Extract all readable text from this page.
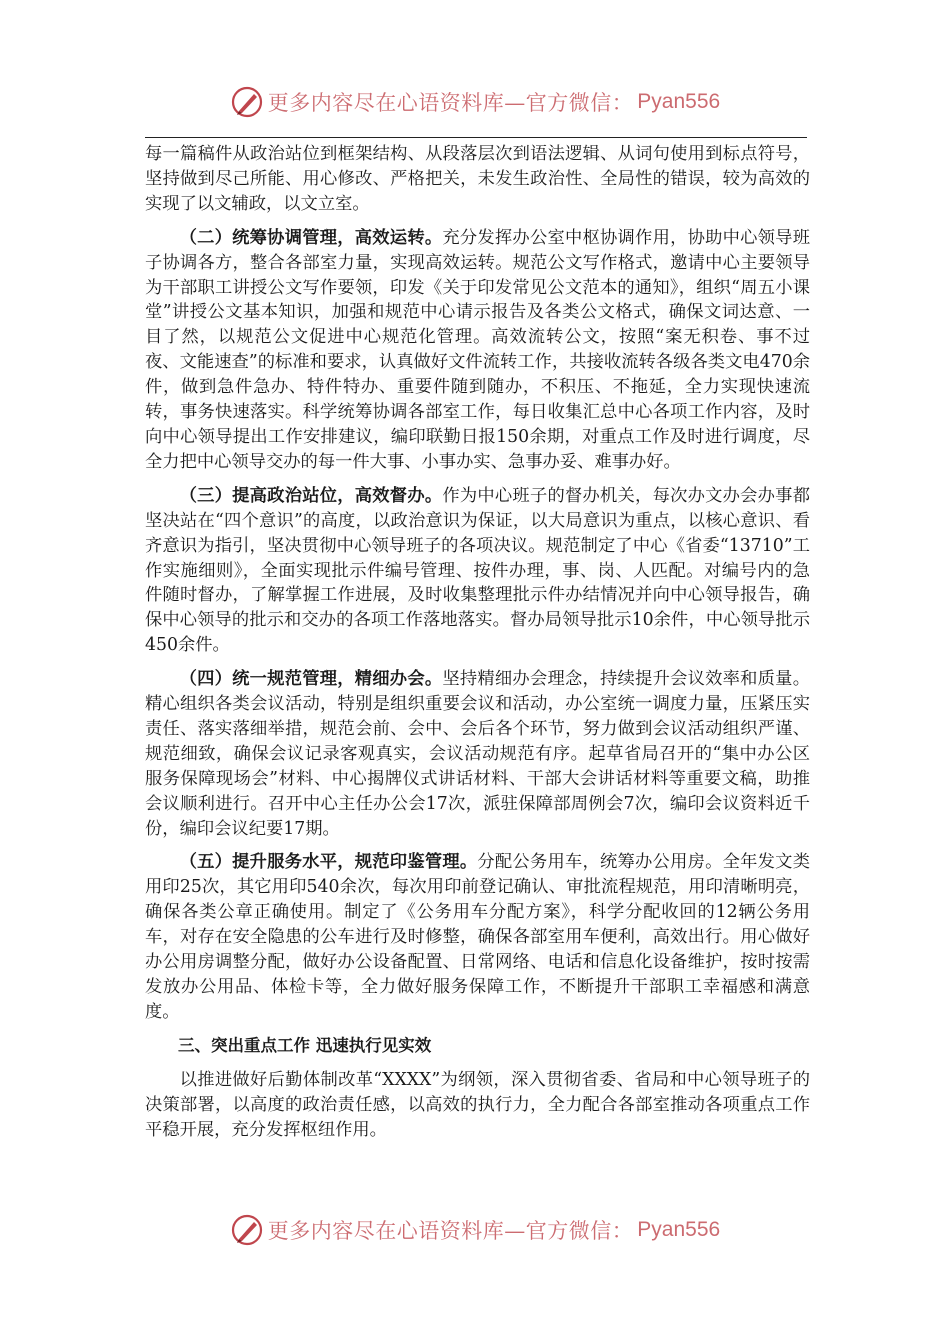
更多内容尽在心语资料库—官方微信： Pyan556

每一篇稿件从政治站位到框架结构、从段落层次到语法逻辑、从词句使用到标点符号，坚持做到尽己所能、用心修改、严格把关，未发生政治性、全局性的错误，较为高效的实现了以文辅政，以文立室。

（二）统筹协调管理，高效运转。充分发挥办公室中枢协调作用，协助中心领导班子协调各方，整合各部室力量，实现高效运转。规范公文写作格式，邀请中心主要领导为干部职工讲授公文写作要领，印发《关于印发常见公文范本的通知》，组织“周五小课堂”讲授公文基本知识，加强和规范中心请示报告及各类公文格式，确保文词达意、一目了然，以规范公文促进中心规范化管理。高效流转公文，按照“案无积卷、事不过夜、文能速查”的标准和要求，认真做好文件流转工作，共接收流转各级各类文电470余件，做到急件急办、特件特办、重要件随到随办，不积压、不拖延，全力实现快速流转，事务快速落实。科学统筹协调各部室工作，每日收集汇总中心各项工作内容，及时向中心领导提出工作安排建议，编印联勤日报150余期，对重点工作及时进行调度，尽全力把中心领导交办的每一件大事、小事办实、急事办妥、难事办好。

（三）提高政治站位，高效督办。作为中心班子的督办机关，每次办文办会办事都坚决站在“四个意识”的高度，以政治意识为保证，以大局意识为重点，以核心意识、看齐意识为指引，坚决贯彻中心领导班子的各项决议。规范制定了中心《省委“13710”工作实施细则》，全面实现批示件编号管理、按件办理，事、岗、人匹配。对编号内的急件随时督办，了解掌握工作进展，及时收集整理批示件办结情况并向中心领导报告，确保中心领导的批示和交办的各项工作落地落实。督办局领导批示10余件，中心领导批示450余件。

（四）统一规范管理，精细办会。坚持精细办会理念，持续提升会议效率和质量。精心组织各类会议活动，特别是组织重要会议和活动，办公室统一调度力量，压紧压实责任、落实落细举措，规范会前、会中、会后各个环节，努力做到会议活动组织严谨、规范细致，确保会议记录客观真实，会议活动规范有序。起草省局召开的“集中办公区服务保障现场会”材料、中心揭牌仪式讲话材料、干部大会讲话材料等重要文稿，助推会议顺利进行。召开中心主任办公会17次，派驻保障部周例会7次，编印会议资料近千份，编印会议纪要17期。

（五）提升服务水平，规范印鉴管理。分配公务用车，统筹办公用房。全年发文类用印25次，其它用印540余次，每次用印前登记确认、审批流程规范，用印清晰明亮，确保各类公章正确使用。制定了《公务用车分配方案》，科学分配收回的12辆公务用车，对存在安全隐患的公车进行及时修整，确保各部室用车便利，高效出行。用心做好办公用房调整分配，做好办公设备配置、日常网络、电话和信息化设备维护，按时按需发放办公用品、体检卡等，全力做好服务保障工作，不断提升干部职工幸福感和满意度。

三、突出重点工作 迅速执行见实效

以推进做好后勤体制改革“XXXX”为纲领，深入贯彻省委、省局和中心领导班子的决策部署，以高度的政治责任感，以高效的执行力，全力配合各部室推动各项重点工作平稳开展，充分发挥枢纽作用。

更多内容尽在心语资料库—官方微信： Pyan556
